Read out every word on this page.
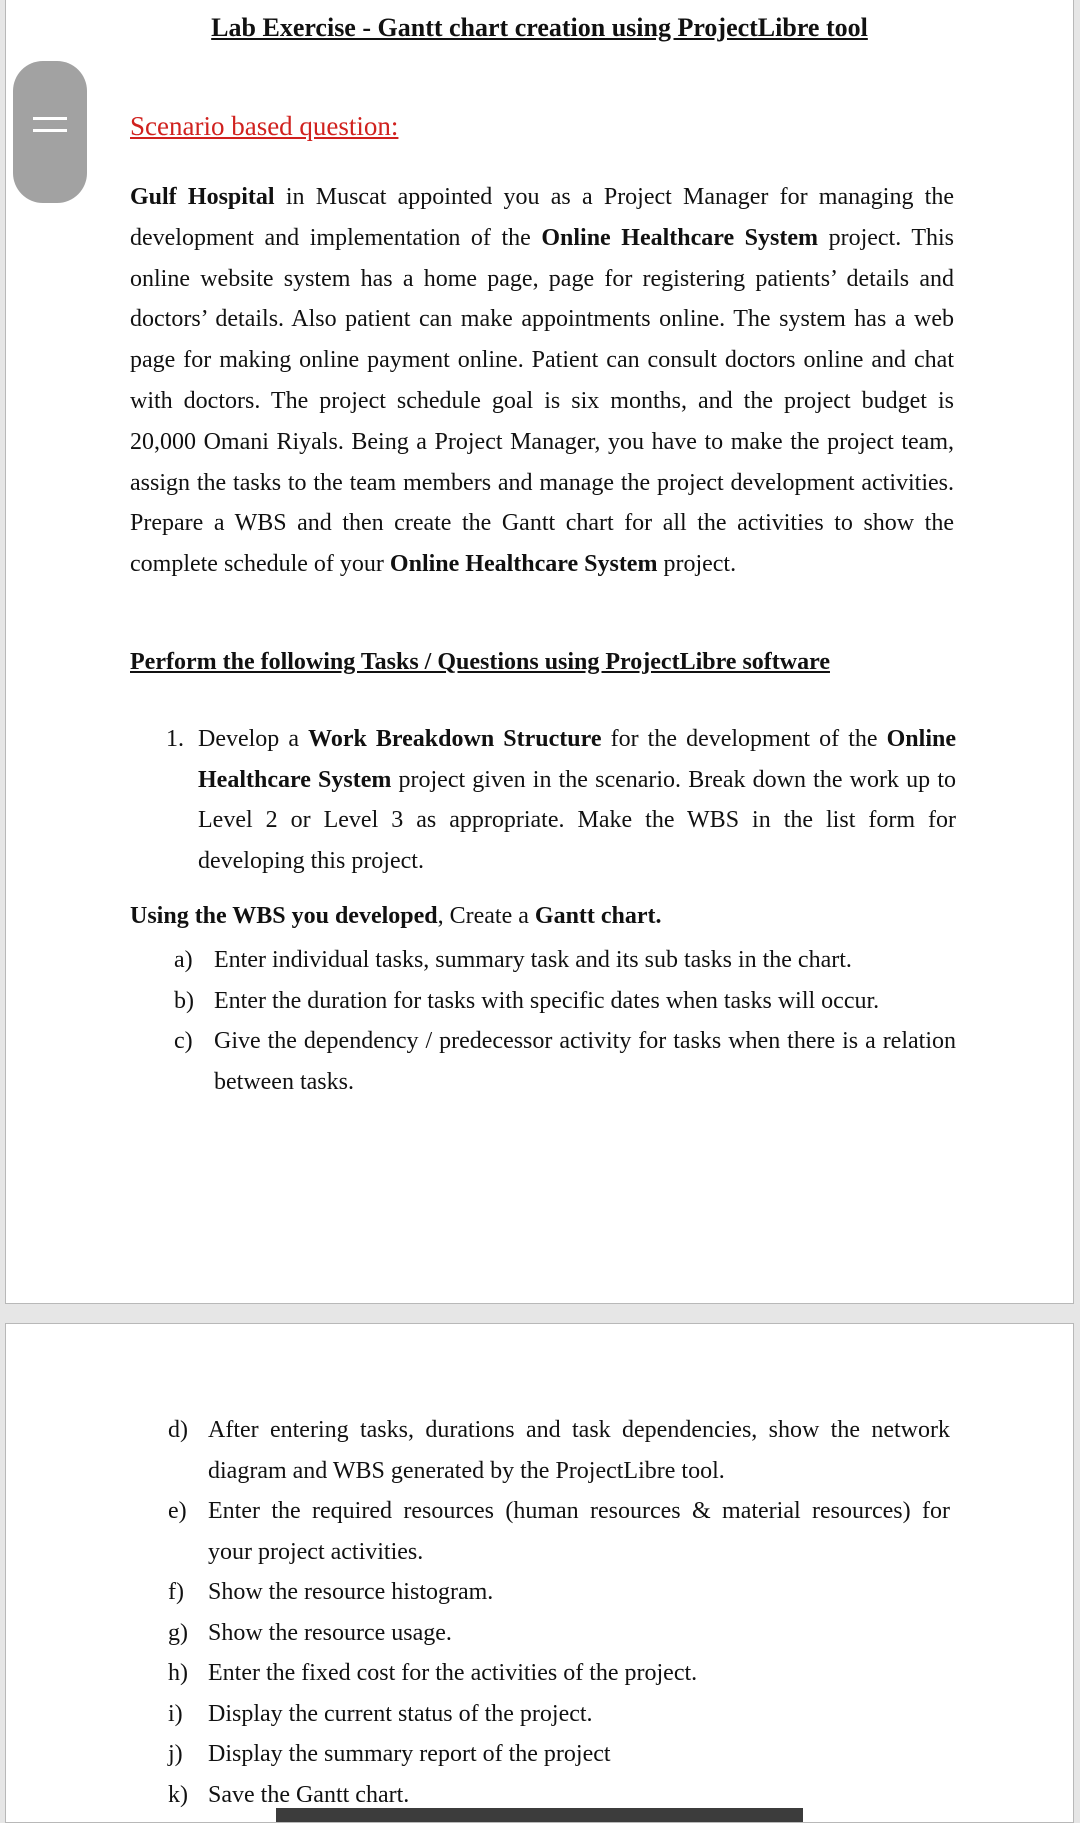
Lab Exercise - Gantt chart creation using ProjectLibre tool
Scenario based question:
Gulf Hospital in Muscat appointed you as a Project Manager for managing the
development and implementation of the Online Healthcare System project. This
online website system has a home page, page for registering patients’ details and
doctors’ details. Also patient can make appointments online. The system has a web
page for making online payment online. Patient can consult doctors online and chat
with doctors. The project schedule goal is six months, and the project budget is
20,000 Omani Riyals. Being a Project Manager, you have to make the project team,
assign the tasks to the team members and manage the project development activities.
Prepare a WBS and then create the Gantt chart for all the activities to show the
complete schedule of your Online Healthcare System project.
Perform the following Tasks / Questions using ProjectLibre software
1. Develop a Work Breakdown Structure for the development of the Online Healthcare System project given in the scenario. Break down the work up to Level 2 or Level 3 as appropriate. Make the WBS in the list form for developing this project.
Using the WBS you developed, Create a Gantt chart.
a) Enter individual tasks, summary task and its sub tasks in the chart.
b) Enter the duration for tasks with specific dates when tasks will occur.
c) Give the dependency / predecessor activity for tasks when there is a relation between tasks.
d) After entering tasks, durations and task dependencies, show the network diagram and WBS generated by the ProjectLibre tool.
e) Enter the required resources (human resources & material resources) for your project activities.
f) Show the resource histogram.
g) Show the resource usage.
h) Enter the fixed cost for the activities of the project.
i) Display the current status of the project.
j) Display the summary report of the project
k) Save the Gantt chart.
